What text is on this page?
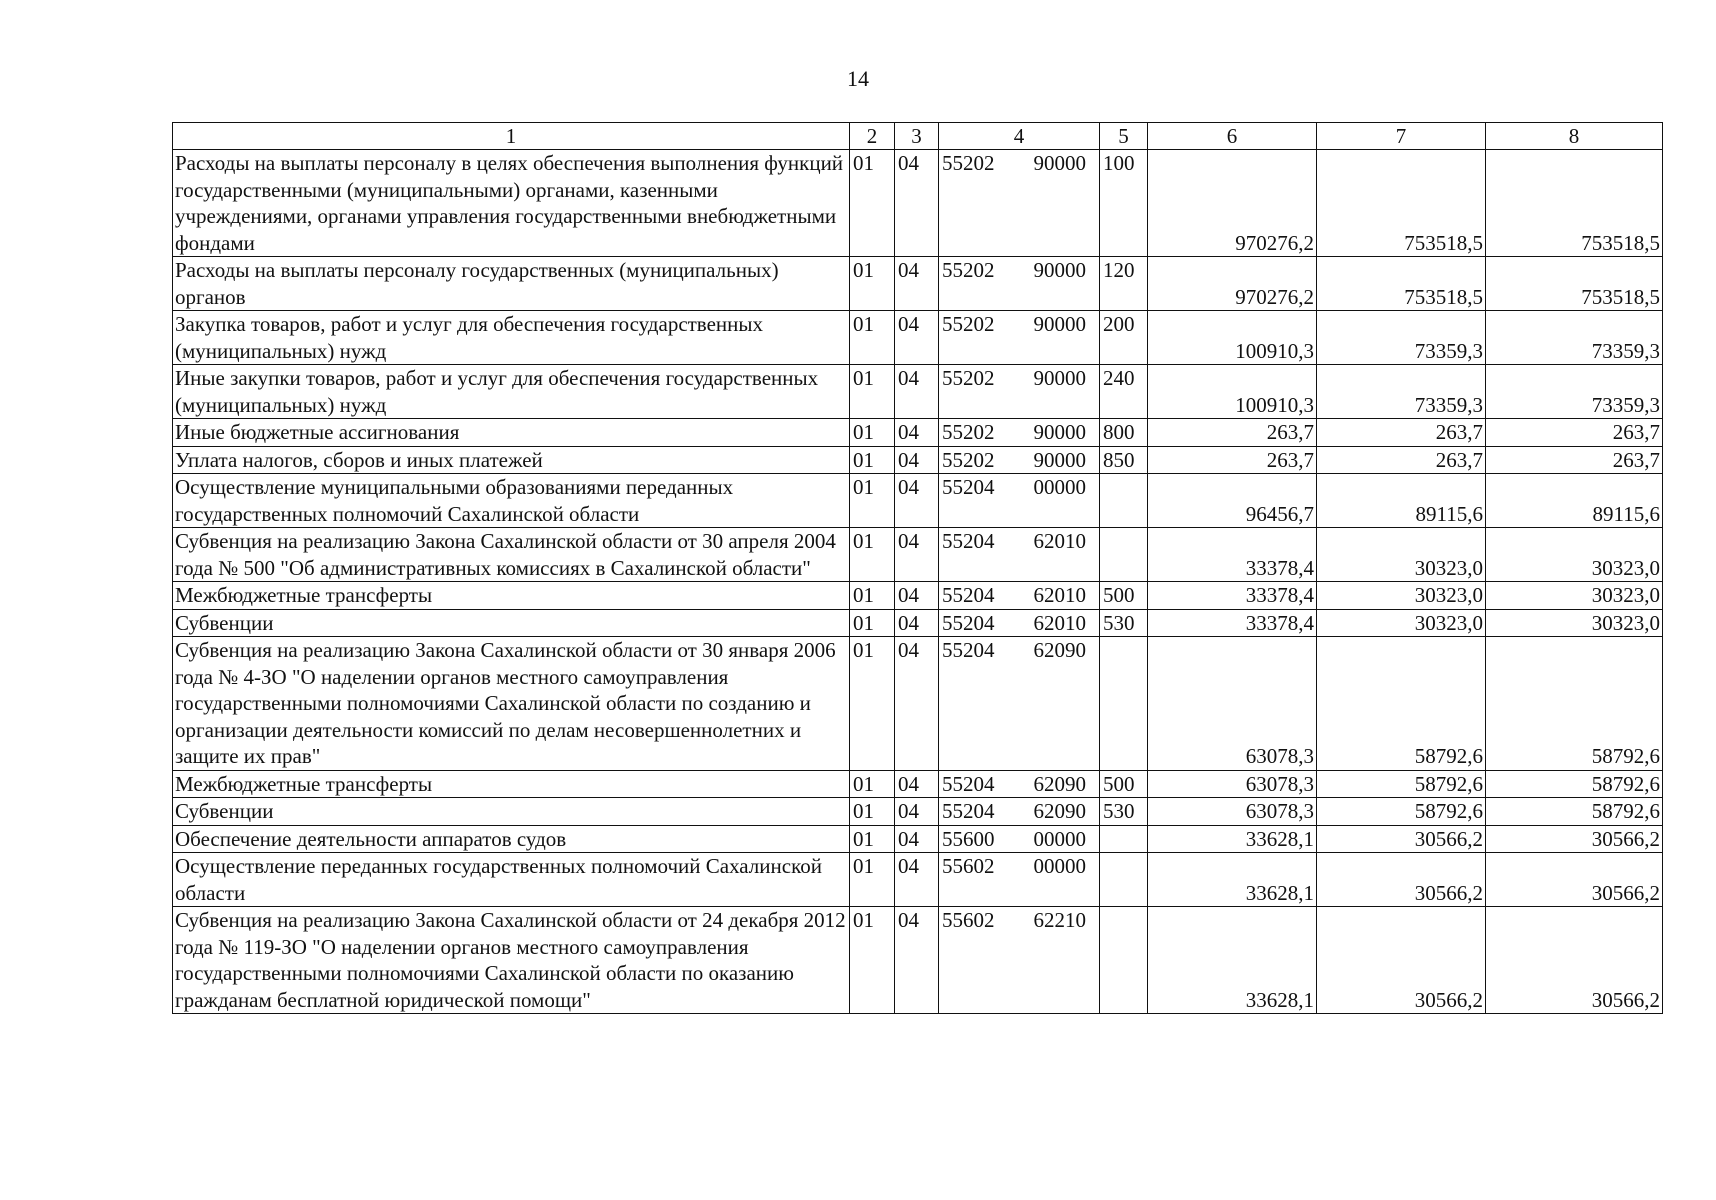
14
1	2	3	4	5	6	7	8
Расходы на выплаты персоналу в целях обеспечения выполнения функций государственными (муниципальными) органами, казенными учреждениями, органами управления государственными внебюджетными фондами	01	04	55202 90000	100	970276,2	753518,5	753518,5
Расходы на выплаты персоналу государственных (муниципальных) органов	01	04	55202 90000	120	970276,2	753518,5	753518,5
Закупка товаров, работ и услуг для обеспечения государственных (муниципальных) нужд	01	04	55202 90000	200	100910,3	73359,3	73359,3
Иные закупки товаров, работ и услуг для обеспечения государственных (муниципальных) нужд	01	04	55202 90000	240	100910,3	73359,3	73359,3
Иные бюджетные ассигнования	01	04	55202 90000	800	263,7	263,7	263,7
Уплата налогов, сборов и иных платежей	01	04	55202 90000	850	263,7	263,7	263,7
Осуществление муниципальными образованиями переданных государственных полномочий Сахалинской области	01	04	55204 00000		96456,7	89115,6	89115,6
Субвенция на реализацию Закона Сахалинской области от 30 апреля 2004 года № 500 "Об административных комиссиях в Сахалинской области"	01	04	55204 62010		33378,4	30323,0	30323,0
Межбюджетные трансферты	01	04	55204 62010	500	33378,4	30323,0	30323,0
Субвенции	01	04	55204 62010	530	33378,4	30323,0	30323,0
Субвенция на реализацию Закона Сахалинской области от 30 января 2006 года № 4-ЗО "О наделении органов местного самоуправления государственными полномочиями Сахалинской области по созданию и организации деятельности комиссий по делам несовершеннолетних и защите их прав"	01	04	55204 62090		63078,3	58792,6	58792,6
Межбюджетные трансферты	01	04	55204 62090	500	63078,3	58792,6	58792,6
Субвенции	01	04	55204 62090	530	63078,3	58792,6	58792,6
Обеспечение деятельности аппаратов судов	01	04	55600 00000		33628,1	30566,2	30566,2
Осуществление переданных государственных полномочий Сахалинской области	01	04	55602 00000		33628,1	30566,2	30566,2
Субвенция на реализацию Закона Сахалинской области от 24 декабря 2012 года № 119-ЗО "О наделении органов местного самоуправления государственными полномочиями Сахалинской области по оказанию гражданам бесплатной юридической помощи"	01	04	55602 62210		33628,1	30566,2	30566,2
